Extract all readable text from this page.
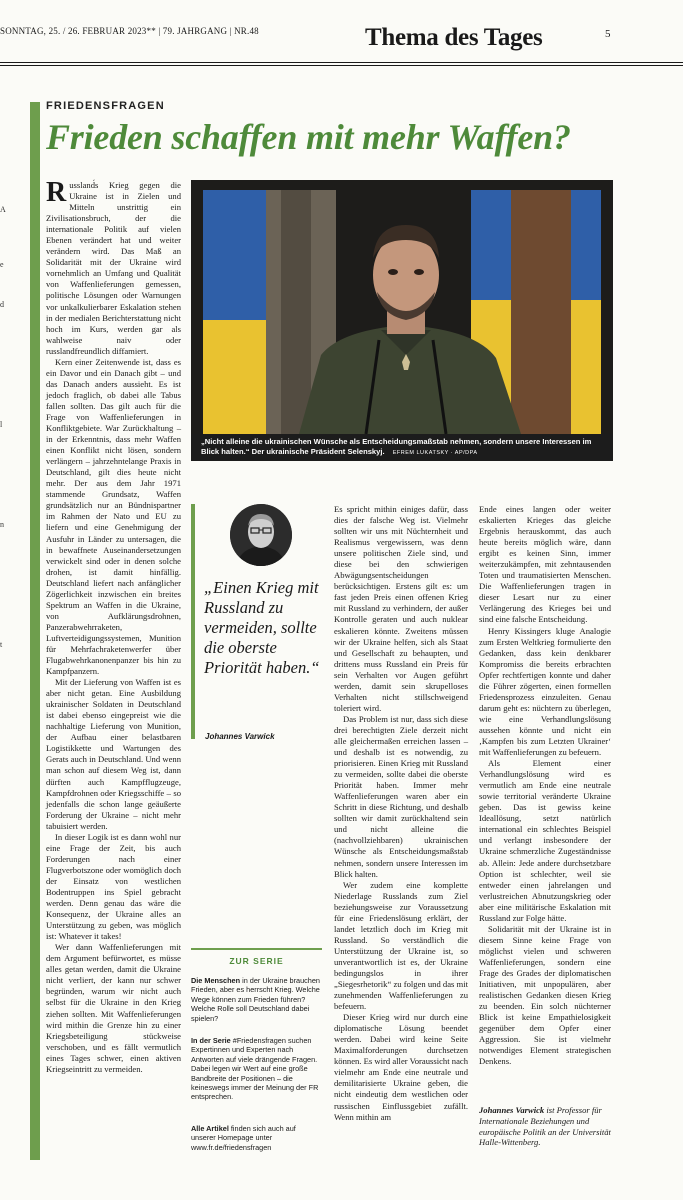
SONNTAG, 25. / 26. FEBRUAR 2023** | 79. JAHRGANG | NR.48	Thema des Tages	5
A
e
d
l
n
t
FRIEDENSFRAGEN
Frieden schaffen mit mehr Waffen?

Russland́s Krieg gegen die Ukraine ist in Zielen und Mitteln unstrittig ein Zivilisationsbruch, der die internationale Politik auf vielen Ebenen verändert hat und weiter verändern wird. Das Maß an Solidarität mit der Ukraine wird vornehmlich an Umfang und Qualität von Waffenlieferungen gemessen, politische Lösungen oder Warnungen vor unkalkulierbarer Eskalation stehen in der medialen Berichterstattung nicht hoch im Kurs, werden gar als wahlweise naiv oder russlandfreundlich diffamiert.

Kern einer Zeitenwende ist, dass es ein Davor und ein Danach gibt – und das Danach anders aussieht. Es ist jedoch fraglich, ob dabei alle Tabus fallen sollten. Das gilt auch für die Frage von Waffenlieferungen in Konfliktgebiete. War Zurückhaltung – in der Erkenntnis, dass mehr Waffen einen Konflikt nicht lösen, sondern verlängern – jahrzehntelange Praxis in Deutschland, gilt dies heute nicht mehr. Der aus dem Jahr 1971 stammende Grundsatz, Waffen grundsätzlich nur an Bündnispartner im Rahmen der Nato und EU zu liefern und eine Genehmigung der Ausfuhr in Länder zu untersagen, die in bewaffnete Auseinandersetzungen verwickelt sind oder in denen solche drohen, ist damit hinfällig. Deutschland liefert nach anfänglicher Zögerlichkeit inzwischen ein breites Spektrum an Waffen in die Ukraine, von Aufklärungsdrohnen, Panzerabwehrraketen, Luftverteidigungssystemen, Munition für Mehrfachraketenwerfer über Flugabwehrkanonenpanzer bis hin zu Kampfpanzern.

Mit der Lieferung von Waffen ist es aber nicht getan. Eine Ausbildung ukrainischer Soldaten in Deutschland ist dabei ebenso eingepreist wie die nachhaltige Lieferung von Munition, der Aufbau einer belastbaren Logistikkette und Wartungen des Gerats auch in Deutschland. Und wenn man schon auf diesem Weg ist, dann dürften auch Kampfflugzeuge, Kampfdrohnen oder Kriegsschiffe – so jedenfalls die schon lange geäußerte Forderung der Ukraine – nicht mehr tabuisiert werden.

In dieser Logik ist es dann wohl nur eine Frage der Zeit, bis auch Forderungen nach einer Flugverbotszone oder womöglich doch der Einsatz von westlichen Bodentruppen ins Spiel gebracht werden. Denn genau das wäre die Konsequenz, der Ukraine alles an Unterstützung zu geben, was möglich ist: Whatever it takes!

Wer dann Waffenlieferungen mit dem Argument befürwortet, es müsse alles getan werden, damit die Ukraine nicht verliert, der kann nur schwer begründen, warum wir nicht auch selbst für die Ukraine in den Krieg ziehen sollten. Mit Waffenlieferungen wird mithin die Grenze hin zu einer Kriegsbeteiligung stückweise verschoben, und es fällt vermutlich eines Tages schwer, einen aktiven Kriegseintritt zu vermeiden.

„Nicht alleine die ukrainischen Wünsche als Entscheidungsmaßstab nehmen, sondern unsere Interessen im Blick halten.“ Der ukrainische Präsident Selenskyj. EFREM LUKATSKY · AP/DPA
„Einen Krieg mit Russland zu vermeiden, sollte die oberste Priorität haben.“
Johannes Varwick
ZUR SERIE
Die Menschen in der Ukraine brauchen Frieden, aber es herrscht Krieg. Welche Wege können zum Frieden führen? Welche Rolle soll Deutschland dabei spielen?
In der Serie #Friedensfragen suchen Expertinnen und Experten nach Antworten auf viele drängende Fragen. Dabei legen wir Wert auf eine große Bandbreite der Positionen – die keineswegs immer der Meinung der FR entsprechen.
Alle Artikel finden sich auch auf unserer Homepage unter www.fr.de/friedensfragen

Es spricht mithin einiges dafür, dass dies der falsche Weg ist. Vielmehr sollten wir uns mit Nüchternheit und Realismus vergewissern, was denn unsere politischen Ziele sind, und diese bei den schwierigen Abwägungsentscheidungen berücksichtigen. Erstens gilt es: um fast jeden Preis einen offenen Krieg mit Russland zu verhindern, der außer Kontrolle geraten und auch nuklear eskalieren könnte. Zweitens müssen wir der Ukraine helfen, sich als Staat und Gesellschaft zu behaupten, und drittens muss Russland ein Preis für sein Verhalten vor Augen geführt werden, damit sein skrupelloses Verhalten nicht stillschweigend toleriert wird.

Das Problem ist nur, dass sich diese drei berechtigten Ziele derzeit nicht alle gleichermaßen erreichen lassen – und deshalb ist es notwendig, zu priorisieren. Einen Krieg mit Russland zu vermeiden, sollte dabei die oberste Priorität haben. Immer mehr Waffenlieferungen waren aber ein Schritt in diese Richtung, und deshalb sollten wir damit zurückhaltend sein und nicht alleine die (nachvollziehbaren) ukrainischen Wünsche als Entscheidungsmaßstab nehmen, sondern unsere Interessen im Blick halten.

Wer zudem eine komplette Niederlage Russlands zum Ziel beziehungsweise zur Voraussetzung für eine Friedenslösung erklärt, der landet letztlich doch im Krieg mit Russland. So verständlich die Unterstützung der Ukraine ist, so unverantwortlich ist es, der Ukraine bedingungslos in ihrer „Siegesrhetorik“ zu folgen und das mit zunehmenden Waffenlieferungen zu befeuern.

Dieser Krieg wird nur durch eine diplomatische Lösung beendet werden. Dabei wird keine Seite Maximalforderungen durchsetzen können. Es wird aller Voraussicht nach vielmehr am Ende eine neutrale und demilitarisierte Ukraine geben, die nicht eindeutig dem westlichen oder russischen Einflussgebiet zufällt. Wenn mithin am

Ende eines langen oder weiter eskalierten Krieges das gleiche Ergebnis herauskommt, das auch heute bereits möglich wäre, dann ergibt es keinen Sinn, immer weiterzukämpfen, mit zehntausenden Toten und traumatisierten Menschen. Die Waffenlieferungen tragen in dieser Lesart nur zu einer Verlängerung des Krieges bei und sind eine falsche Entscheidung.

Henry Kissingers kluge Analogie zum Ersten Weltkrieg formulierte den Gedanken, dass kein denkbarer Kompromiss die bereits erbrachten Opfer rechtfertigen konnte und daher die Führer zögerten, einen formellen Friedensprozess einzuleiten. Genau darum geht es: nüchtern zu überlegen, wie eine Verhandlungslösung aussehen könnte und nicht ein ‚Kampfen bis zum Letzten Ukrainer‘ mit Waffenlieferungen zu befeuern.

Als Element einer Verhandlungslösung wird es vermutlich am Ende eine neutrale sowie territorial veränderte Ukraine geben. Das ist gewiss keine Ideallösung, setzt natürlich international ein schlechtes Beispiel und verlangt insbesondere der Ukraine schmerzliche Zugeständnisse ab. Allein: Jede andere durchsetzbare Option ist schlechter, weil sie entweder einen jahrelangen und verlustreichen Abnutzungskrieg oder aber eine militärische Eskalation mit Russland zur Folge hätte.

Solidarität mit der Ukraine ist in diesem Sinne keine Frage von möglichst vielen und schweren Waffenlieferungen, sondern eine Frage des Grades der diplomatischen Initiativen, mit unpopulären, aber realistischen Gedanken diesen Krieg zu beenden. Ein solch nüchterner Blick ist keine Empathielosigkeit gegenüber dem Opfer einer Aggression. Sie ist vielmehr notwendiges Element strategischen Denkens.

Johannes Varwick ist Professor für Internationale Beziehungen und europäische Politik an der Universität Halle-Wittenberg.
